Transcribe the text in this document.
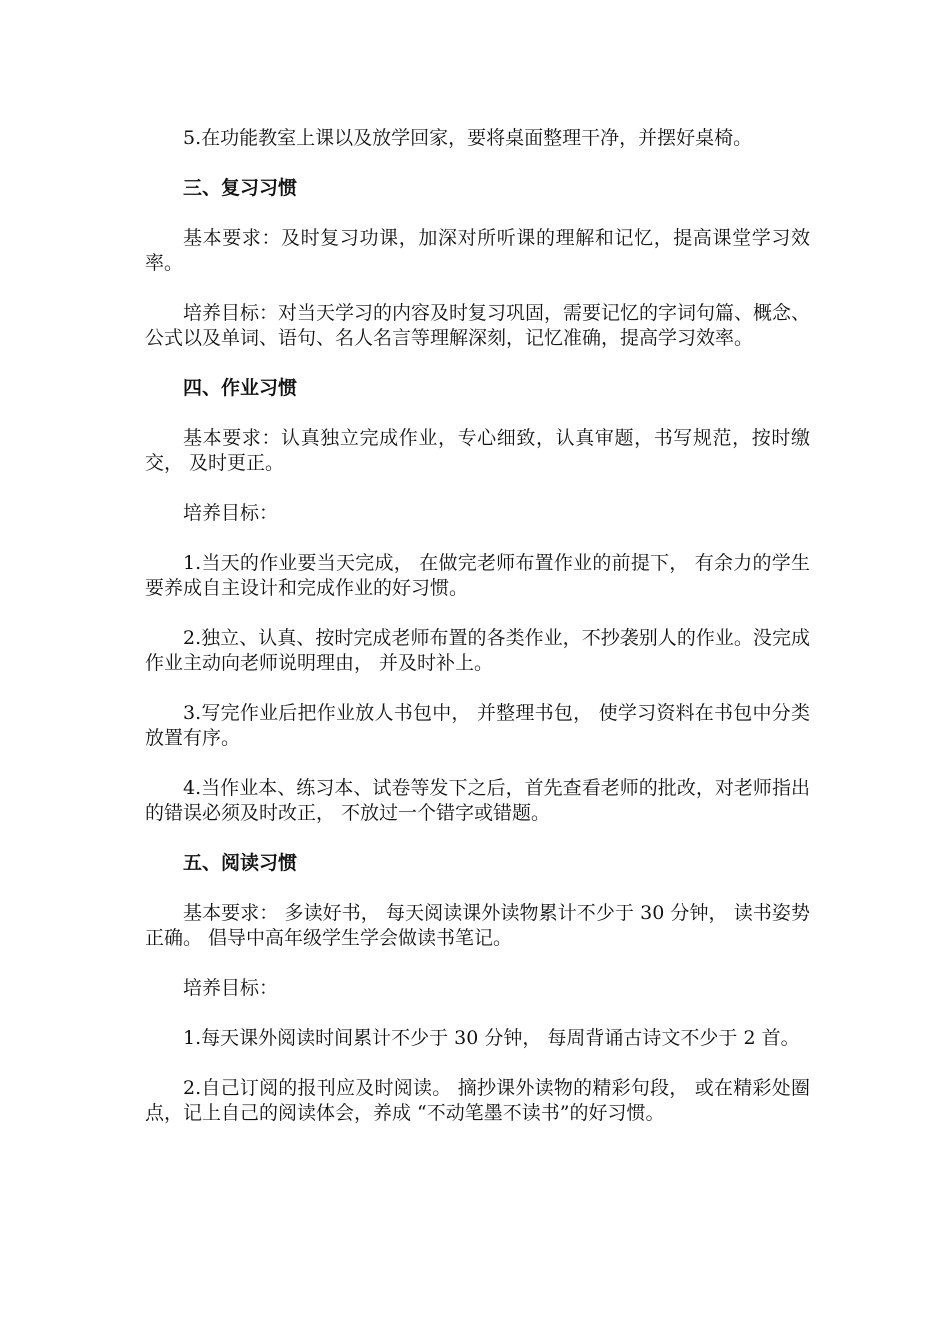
5.在功能教室上课以及放学回家，要将桌面整理干净，并摆好桌椅。

三、复习习惯

基本要求：及时复习功课，加深对所听课的理解和记忆，提高课堂学习效率。

培养目标：对当天学习的内容及时复习巩固，需要记忆的字词句篇、概念、公式以及单词、语句、名人名言等理解深刻，记忆准确，提高学习效率。

四、作业习惯

基本要求：认真独立完成作业，专心细致，认真审题，书写规范，按时缴交， 及时更正。

培养目标：

1.当天的作业要当天完成， 在做完老师布置作业的前提下， 有余力的学生要养成自主设计和完成作业的好习惯。

2.独立、认真、按时完成老师布置的各类作业，不抄袭别人的作业。没完成作业主动向老师说明理由， 并及时补上。

3.写完作业后把作业放人书包中， 并整理书包， 使学习资料在书包中分类放置有序。

4.当作业本、练习本、试卷等发下之后，首先查看老师的批改，对老师指出的错误必须及时改正， 不放过一个错字或错题。

五、阅读习惯

基本要求： 多读好书， 每天阅读课外读物累计不少于 30 分钟， 读书姿势正确。 倡导中高年级学生学会做读书笔记。

培养目标：

1.每天课外阅读时间累计不少于 30 分钟， 每周背诵古诗文不少于 2 首。

2.自己订阅的报刊应及时阅读。 摘抄课外读物的精彩句段， 或在精彩处圈点，记上自己的阅读体会，养成 “不动笔墨不读书”的好习惯。
